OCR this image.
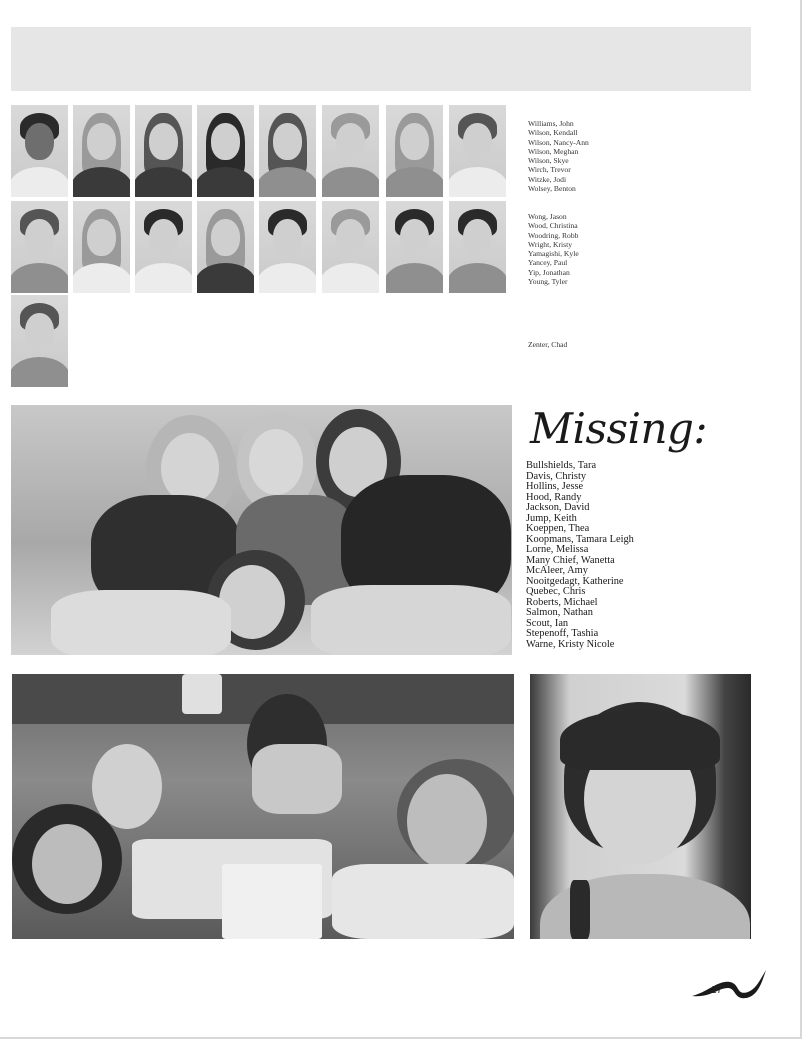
Williams, John
Wilson, Kendall
Wilson, Nancy-Ann
Wilson, Meghan
Wilson, Skye
Wirch, Trevor
Witzke, Jodi
Wolsey, Benton
Wong, Jason
Wood, Christina
Woodring, Robb
Wright, Kristy
Yamagishi, Kyle
Yancey, Paul
Yip, Jonathan
Young, Tyler
Zenter, Chad
Missing:
Bullshields, Tara
Davis, Christy
Hollins, Jesse
Hood, Randy
Jackson, David
Jump, Keith
Koeppen, Thea
Koopmans, Tamara Leigh
Lorne, Melissa
Many Chief, Wanetta
McAleer, Amy
Nooitgedagt, Katherine
Quebec, Chris
Roberts, Michael
Salmon, Nathan
Scout, Ian
Stepenoff, Tashia
Warne, Kristy Nicole
27
